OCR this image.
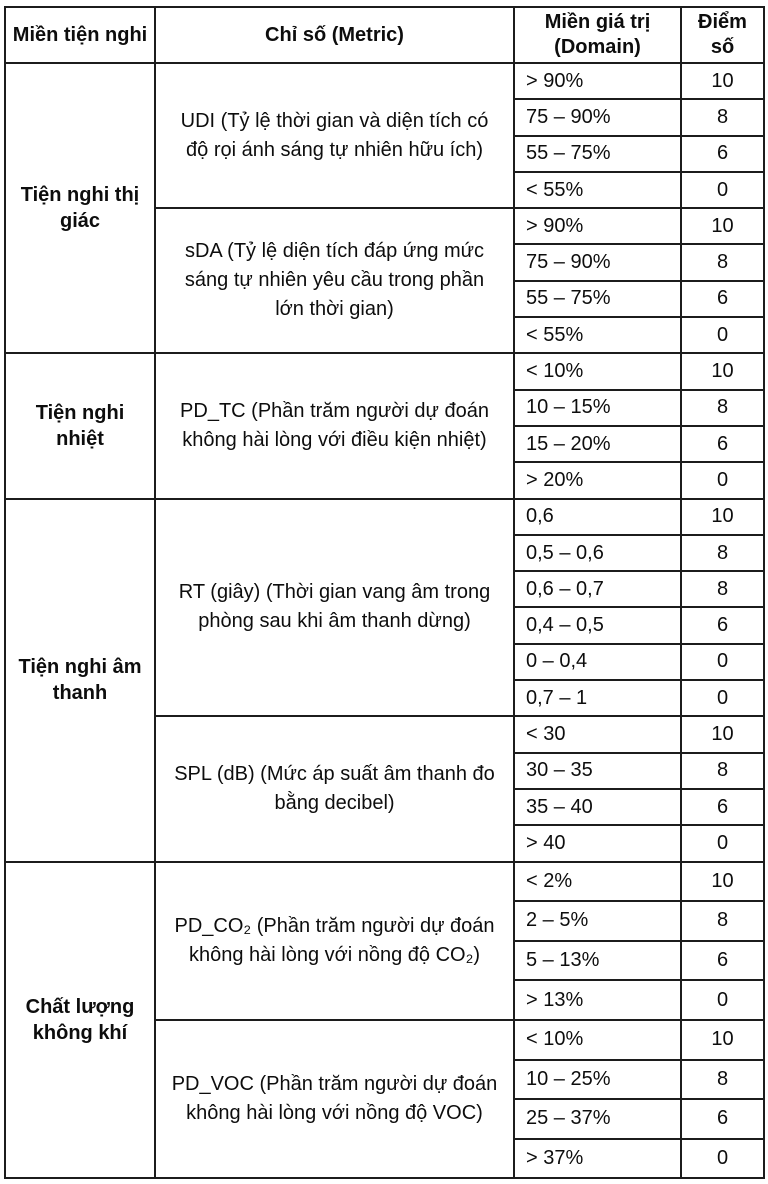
Miền tiện nghi	Chỉ số (Metric)	Miền giá trị (Domain)	Điểm số
Tiện nghi thị giác	UDI (Tỷ lệ thời gian và diện tích có độ rọi ánh sáng tự nhiên hữu ích)	> 90%	10
		75 – 90%	8
		55 – 75%	6
		< 55%	0
	sDA (Tỷ lệ diện tích đáp ứng mức sáng tự nhiên yêu cầu trong phần lớn thời gian)	> 90%	10
		75 – 90%	8
		55 – 75%	6
		< 55%	0
Tiện nghi nhiệt	PD_TC (Phần trăm người dự đoán không hài lòng với điều kiện nhiệt)	< 10%	10
		10 – 15%	8
		15 – 20%	6
		> 20%	0
Tiện nghi âm thanh	RT (giây) (Thời gian vang âm trong phòng sau khi âm thanh dừng)	0,6	10
		0,5 – 0,6	8
		0,6 – 0,7	8
		0,4 – 0,5	6
		0 – 0,4	0
		0,7 – 1	0
	SPL (dB) (Mức áp suất âm thanh đo bằng decibel)	< 30	10
		30 – 35	8
		35 – 40	6
		> 40	0
Chất lượng không khí	PD_CO₂ (Phần trăm người dự đoán không hài lòng với nồng độ CO₂)	< 2%	10
		2 – 5%	8
		5 – 13%	6
		> 13%	0
	PD_VOC (Phần trăm người dự đoán không hài lòng với nồng độ VOC)	< 10%	10
		10 – 25%	8
		25 – 37%	6
		> 37%	0
